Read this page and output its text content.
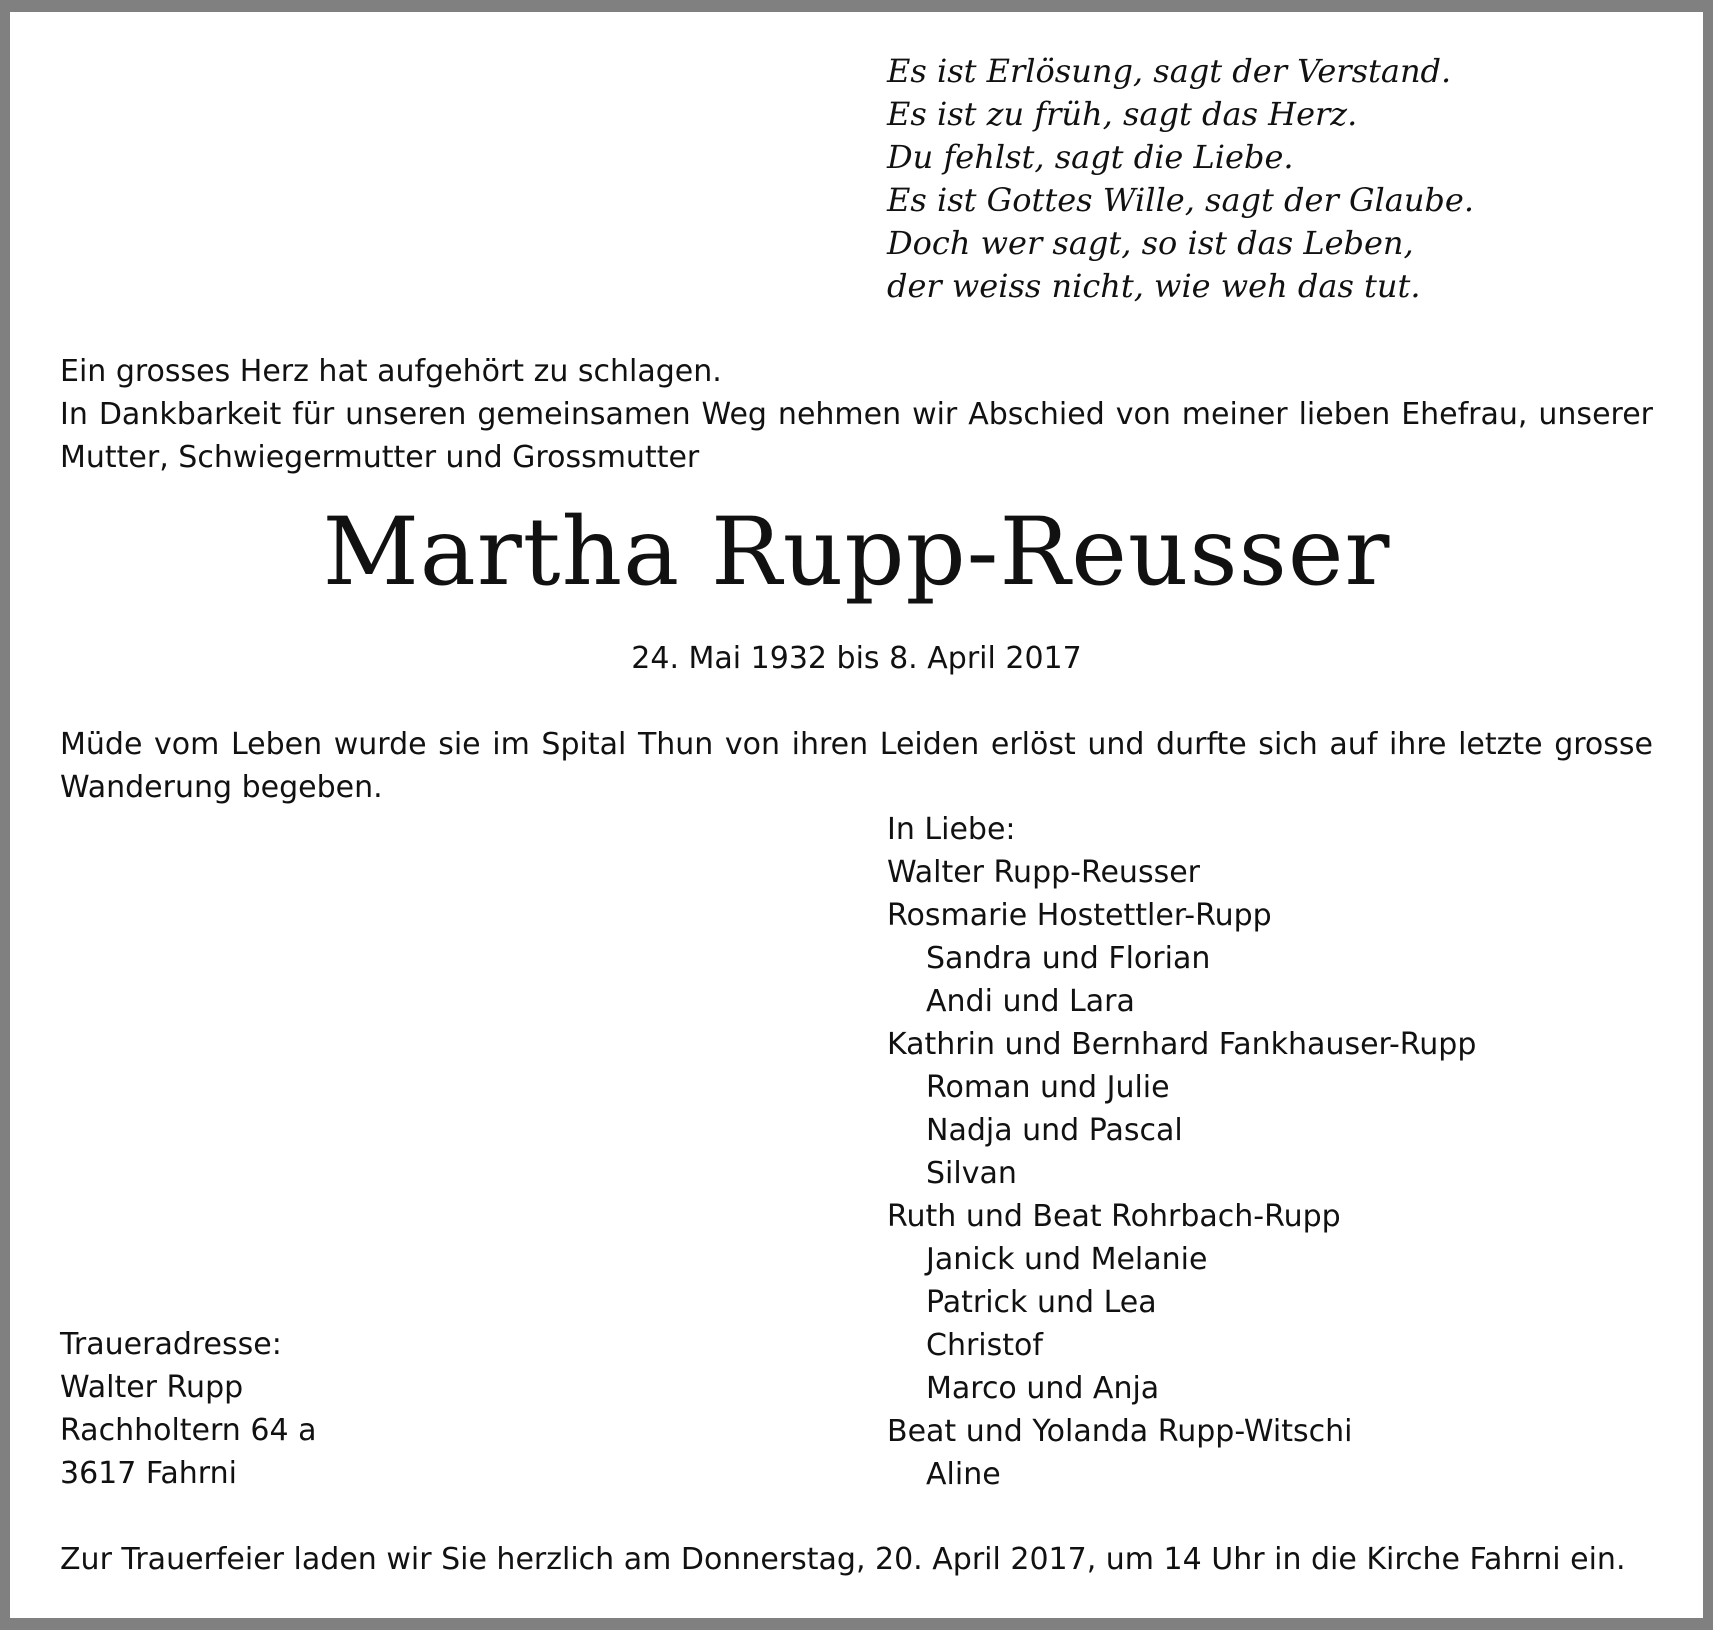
Es ist Erlösung, sagt der Verstand.
Es ist zu früh, sagt das Herz.
Du fehlst, sagt die Liebe.
Es ist Gottes Wille, sagt der Glaube.
Doch wer sagt, so ist das Leben,
der weiss nicht, wie weh das tut.
Ein grosses Herz hat aufgehört zu schlagen.
In Dankbarkeit für unseren gemeinsamen Weg nehmen wir Abschied von meiner lieben Ehefrau, unserer Mutter, Schwiegermutter und Grossmutter
Martha Rupp-Reusser
24. Mai 1932 bis 8. April 2017
Müde vom Leben wurde sie im Spital Thun von ihren Leiden erlöst und durfte sich auf ihre letzte grosse Wanderung begeben.
In Liebe:
Walter Rupp-Reusser
Rosmarie Hostettler-Rupp
Sandra und Florian
Andi und Lara
Kathrin und Bernhard Fankhauser-Rupp
Roman und Julie
Nadja und Pascal
Silvan
Ruth und Beat Rohrbach-Rupp
Janick und Melanie
Patrick und Lea
Christof
Marco und Anja
Beat und Yolanda Rupp-Witschi
Aline
Traueradresse:
Walter Rupp
Rachholtern 64 a
3617 Fahrni
Zur Trauerfeier laden wir Sie herzlich am Donnerstag, 20. April 2017, um 14 Uhr in die Kirche Fahrni ein.
